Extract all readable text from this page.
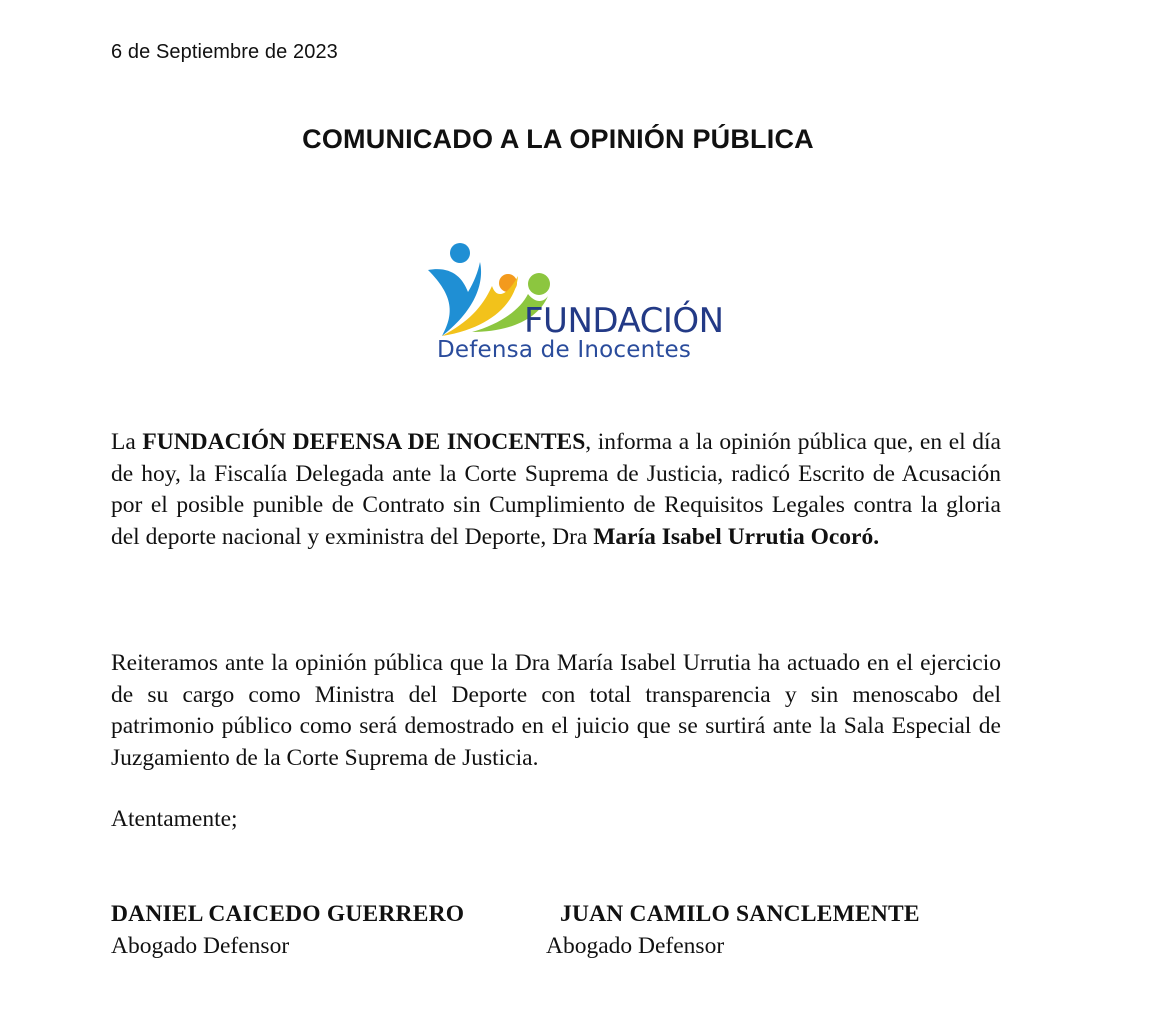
6 de Septiembre de 2023
COMUNICADO A LA OPINIÓN PÚBLICA
FUNDACIÓN
Defensa de Inocentes

La FUNDACIÓN DEFENSA DE INOCENTES, informa a la opinión pública que, en el día de hoy, la Fiscalía Delegada ante la Corte Suprema de Justicia, radicó Escrito de Acusación por el posible punible de Contrato sin Cumplimiento de Requisitos Legales contra la gloria del deporte nacional y exministra del Deporte, Dra María Isabel Urrutia Ocoró.

Reiteramos ante la opinión pública que la Dra María Isabel Urrutia ha actuado en el ejercicio de su cargo como Ministra del Deporte con total transparencia y sin menoscabo del patrimonio público como será demostrado en el juicio que se surtirá ante la Sala Especial de Juzgamiento de la Corte Suprema de Justicia.

Atentamente;
DANIEL CAICEDO GUERRERO
Abogado Defensor
JUAN CAMILO SANCLEMENTE
Abogado Defensor
